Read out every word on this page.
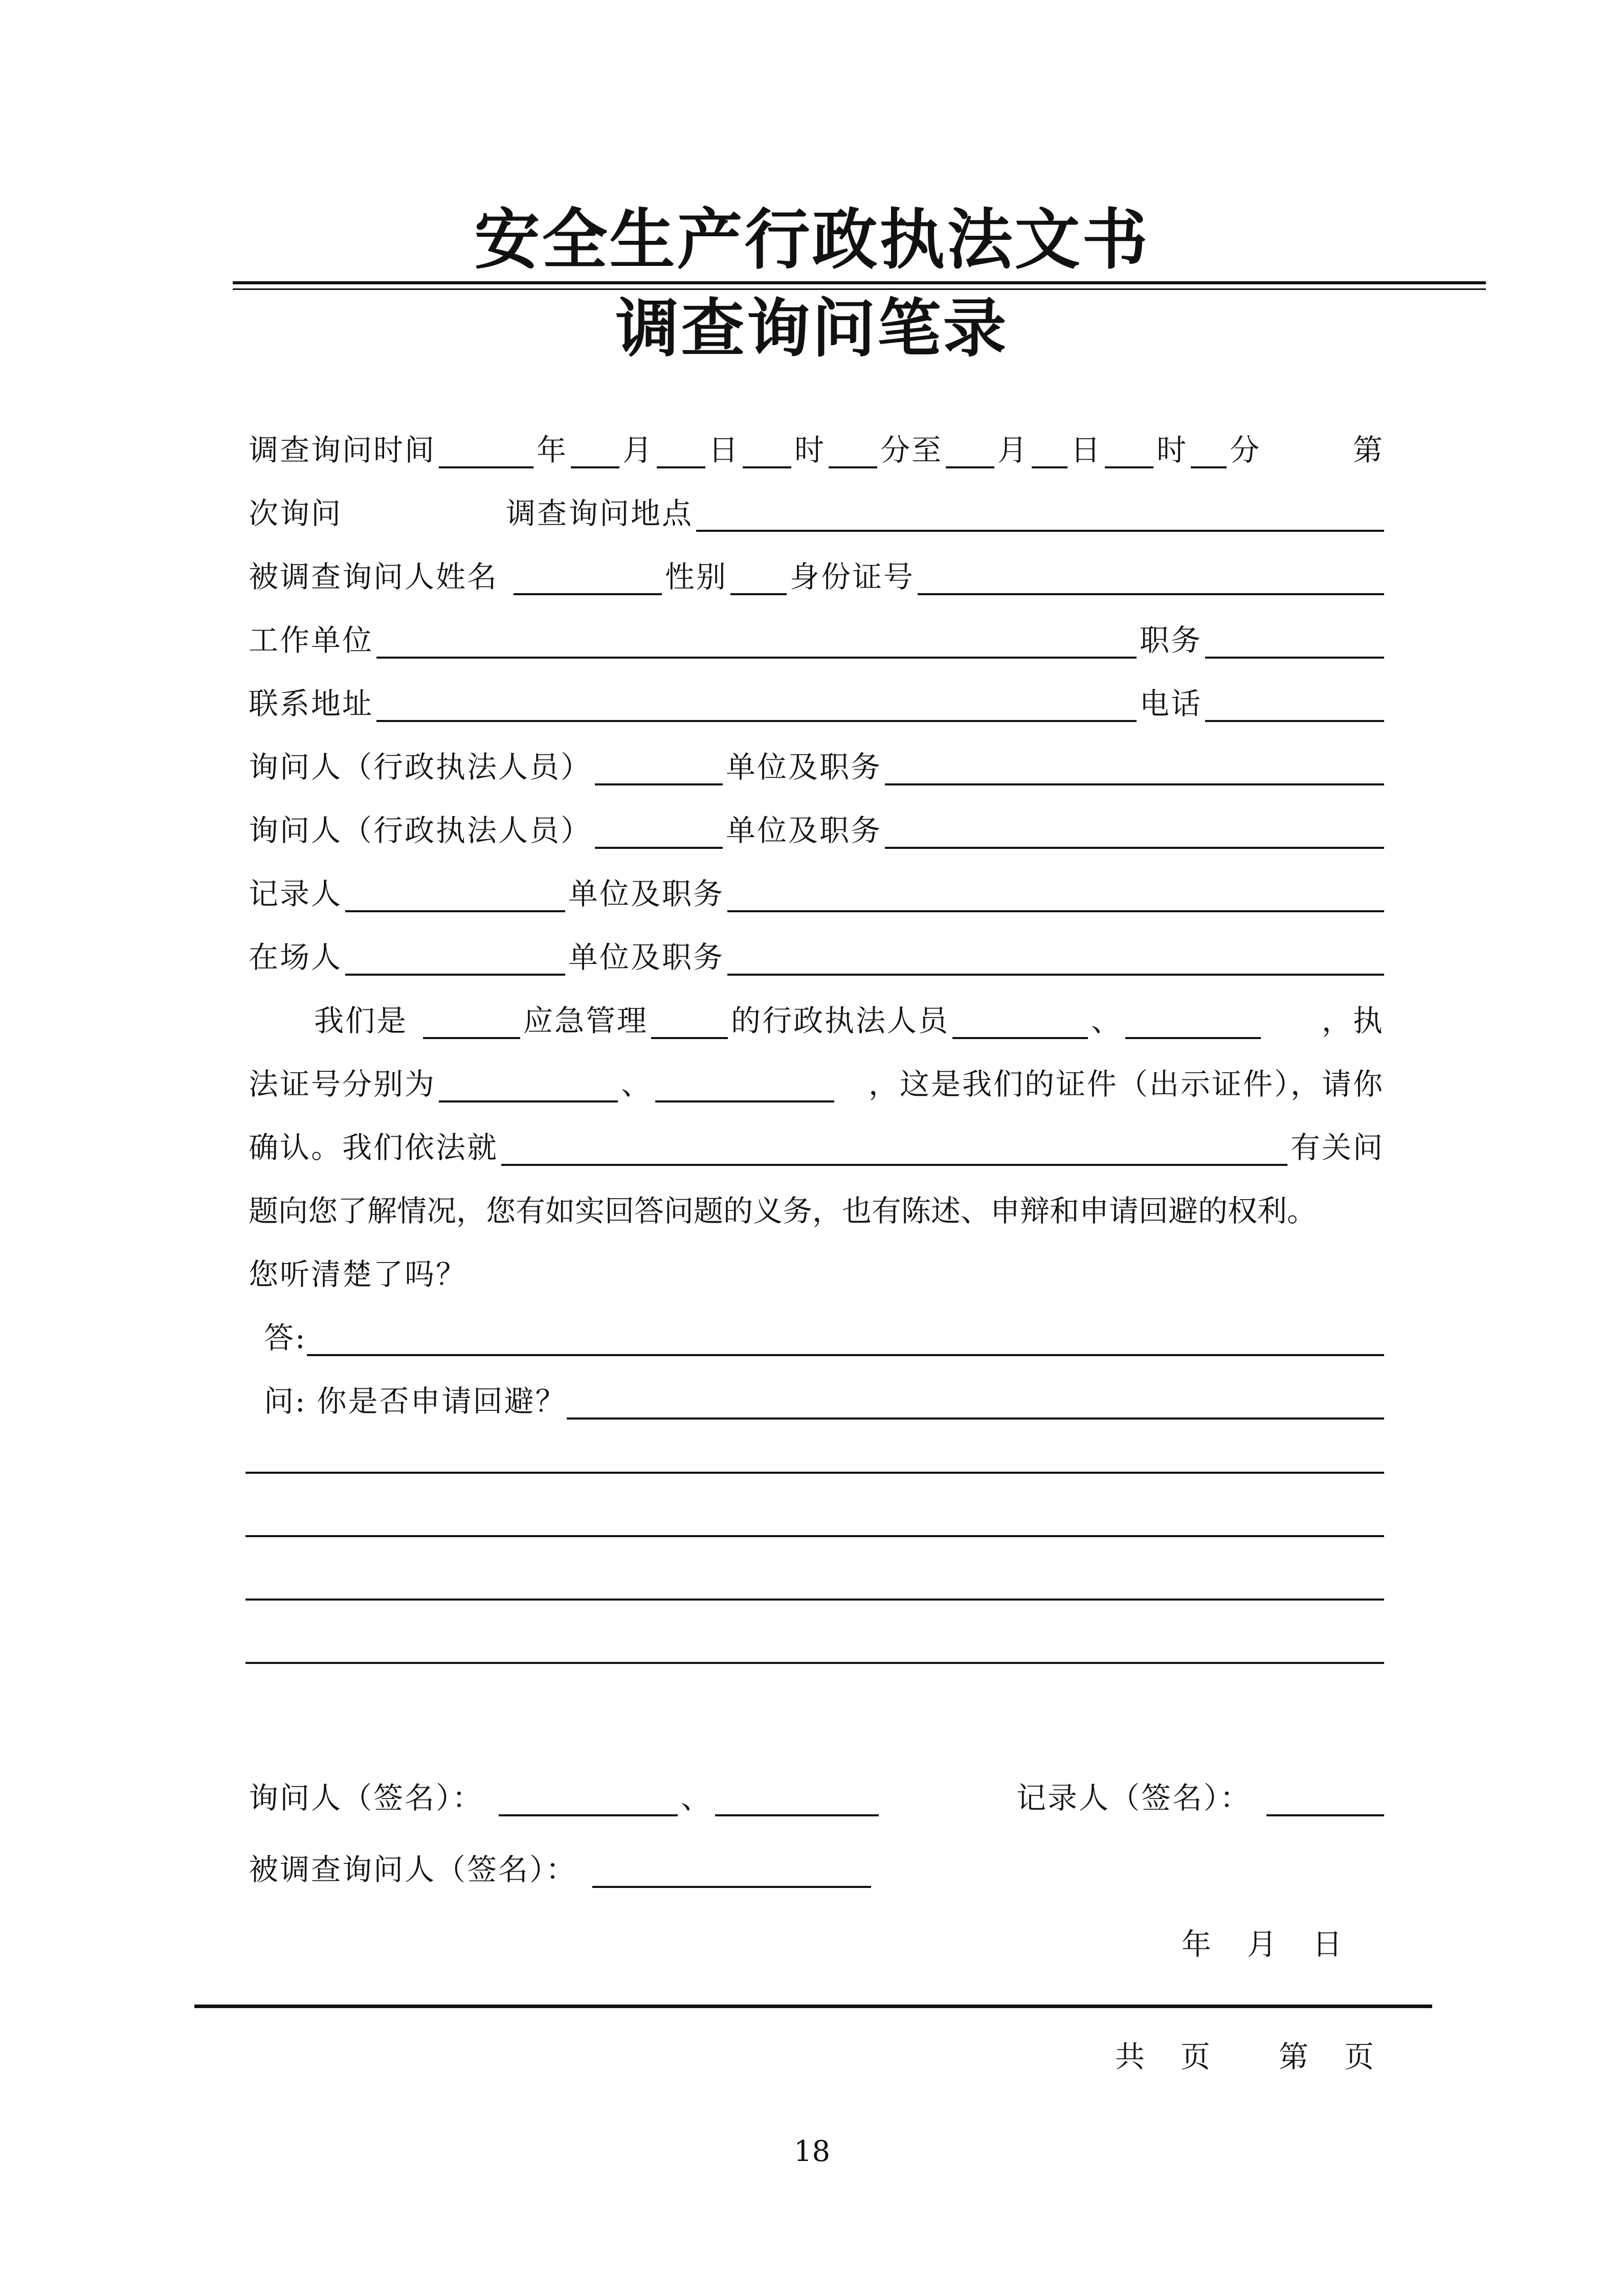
安全生产行政执法文书
调查询问笔录
调查询问时间	年 月 日 时 分至 月 日 时 分	第
次询问	调查询问地点
被调查询问人姓名	性别 身份证号
工作单位	职务
联系地址	电话
询问人（行政执法人员）	单位及职务
询问人（行政执法人员）	单位及职务
记录人	单位及职务
在场人	单位及职务
我们是	应急管理	的行政执法人员	、	，执
法证号分别为	、	，这是我们的证件（出示证件），请你
确认。我们依法就	有关问
题向您了解情况，您有如实回答问题的义务，也有陈述、申辩和申请回避的权利。
您听清楚了吗？
答:
问: 你是否申请回避？
询问人（签名）：	、	记录人（签名）：
被调查询问人（签名）：
年　月　日
共　页　　第　页
18
